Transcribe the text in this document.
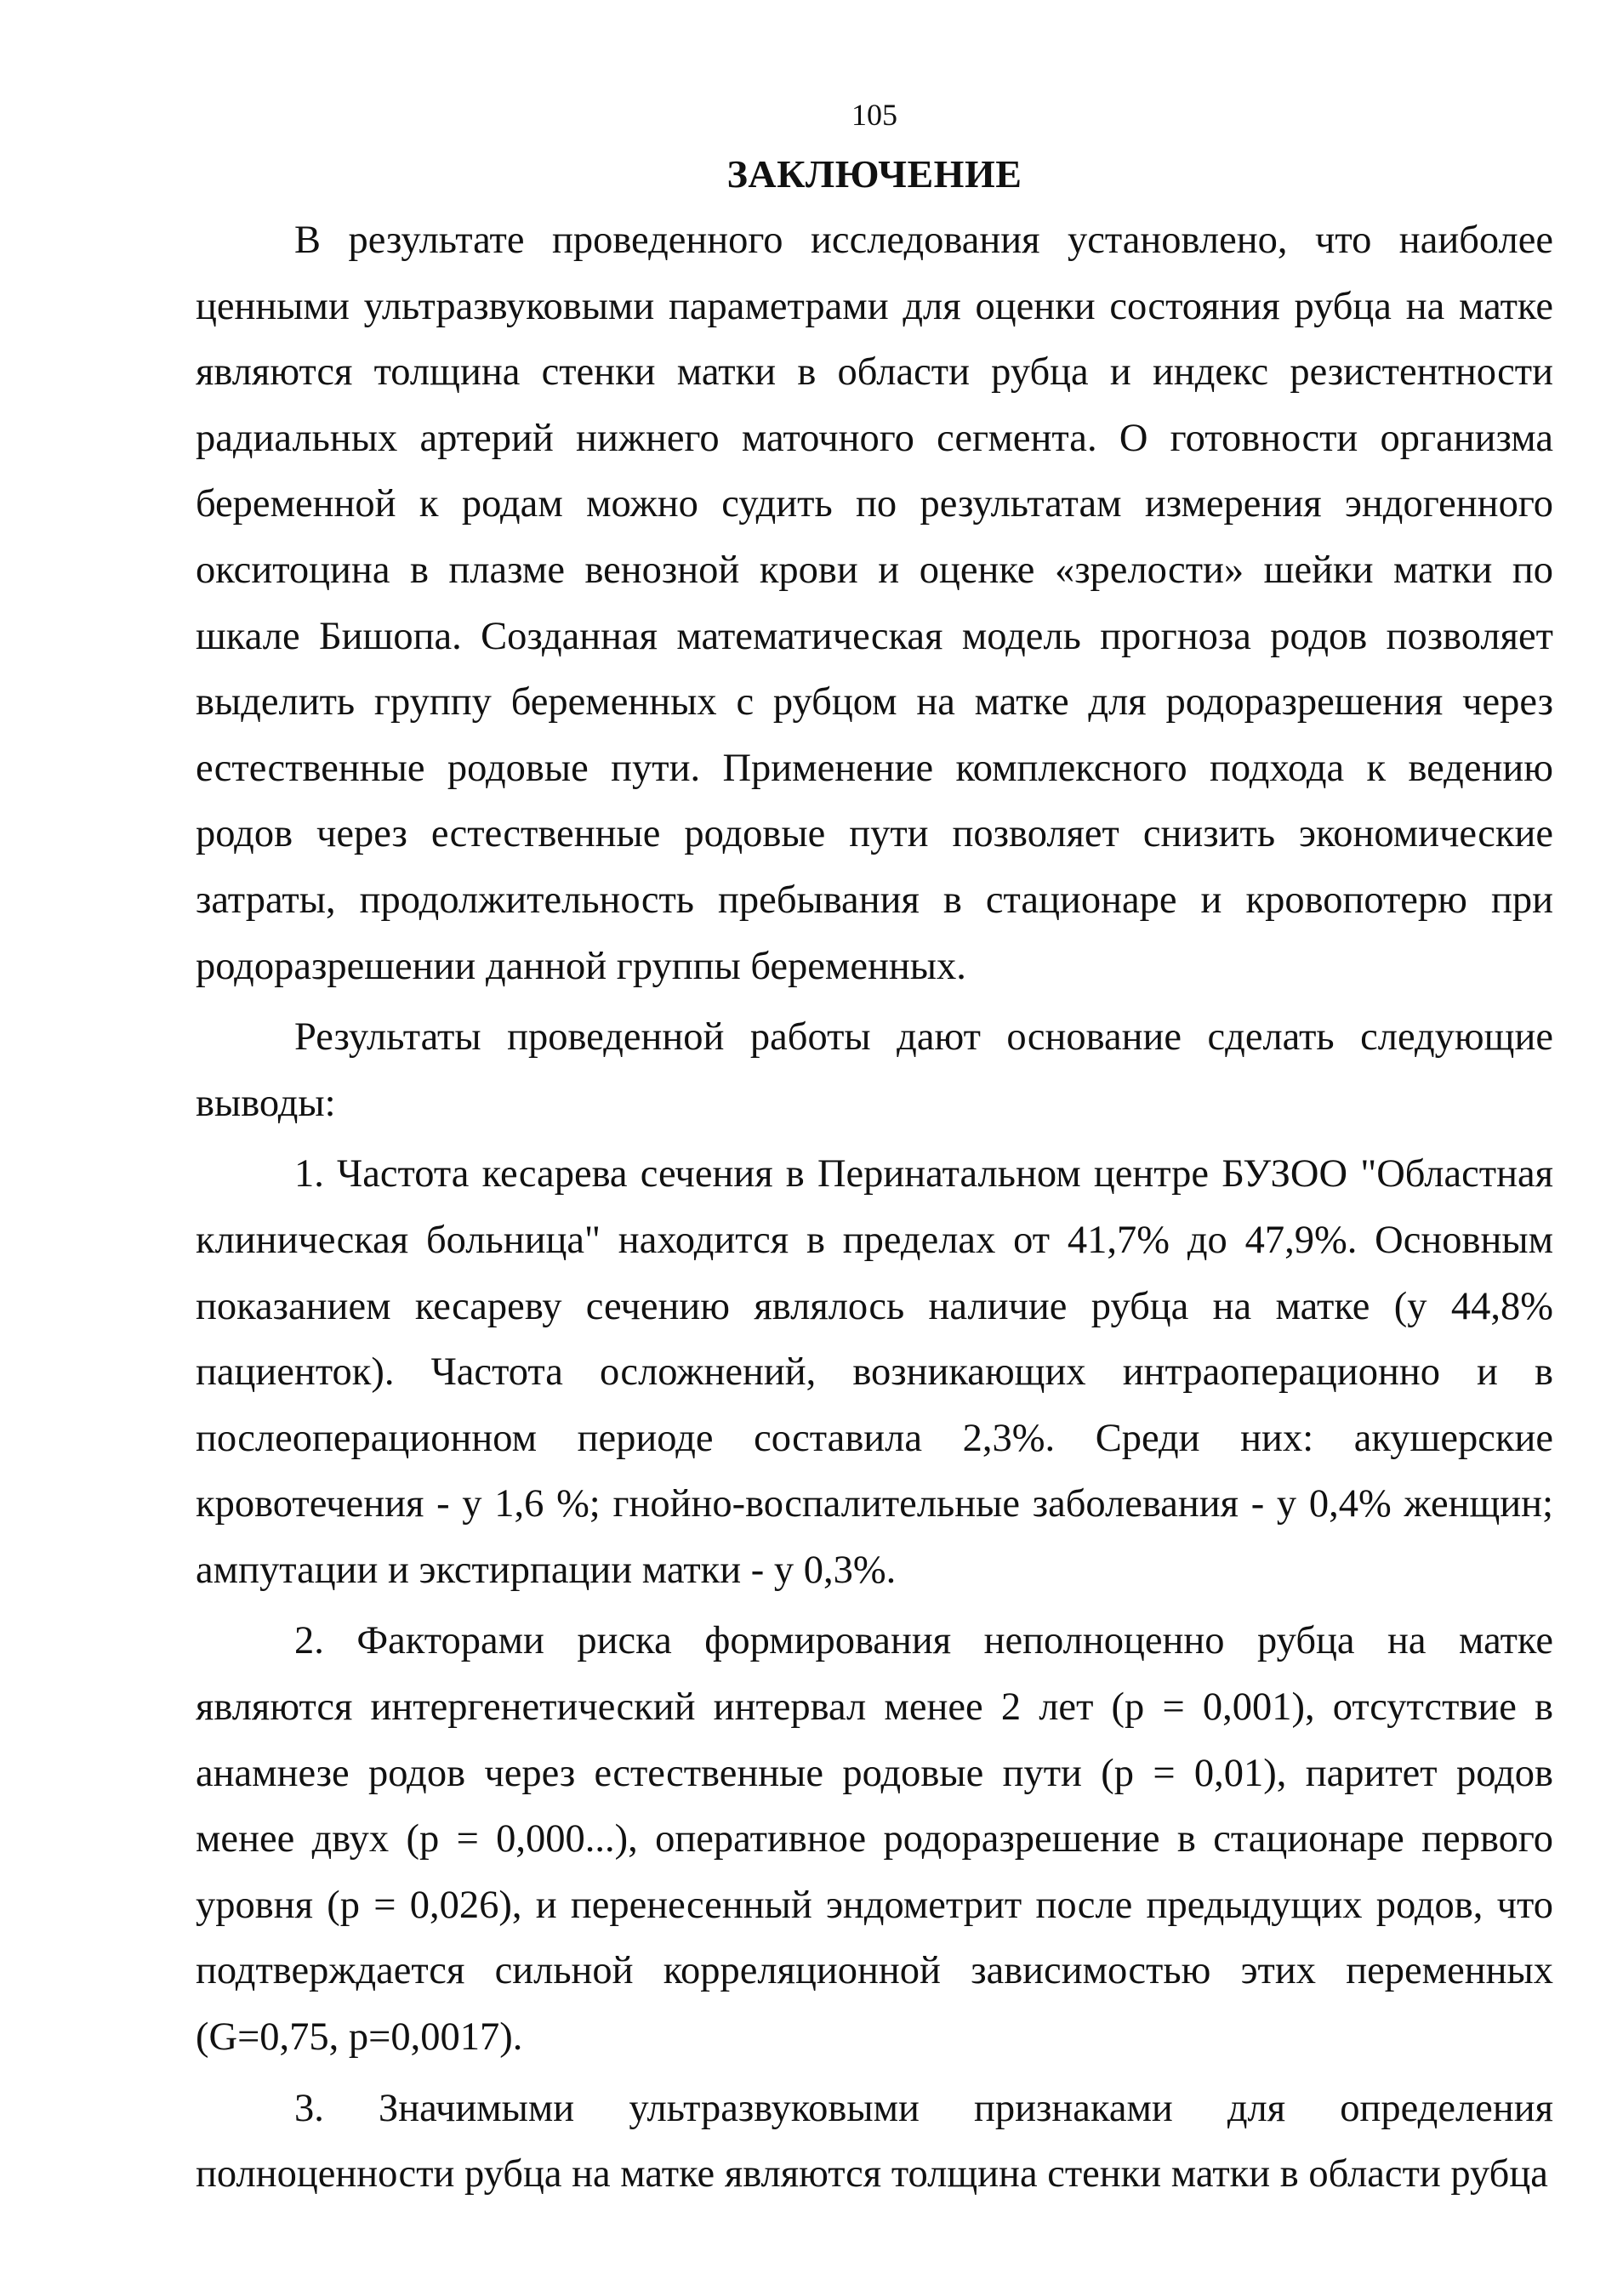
105
ЗАКЛЮЧЕНИЕ

В результате проведенного исследования установлено, что наиболее ценными ультразвуковыми параметрами для оценки состояния рубца на матке являются толщина стенки матки в области рубца и индекс резистентности радиальных артерий нижнего маточного сегмента. О готовности организма беременной к родам можно судить по результатам измерения эндогенного окситоцина в плазме венозной крови и оценке «зрелости» шейки матки по шкале Бишопа. Созданная математическая модель прогноза родов позволяет выделить группу беременных с рубцом на матке для родоразрешения через естественные родовые пути. Применение комплексного подхода к ведению родов через естественные родовые пути позволяет снизить экономические затраты, продолжительность пребывания в стационаре и кровопотерю при родоразрешении данной группы беременных.

Результаты проведенной работы дают основание сделать следующие выводы:

1. Частота кесарева сечения в Перинатальном центре БУЗОО "Областная клиническая больница" находится в пределах от 41,7% до 47,9%. Основным показанием кесареву сечению являлось наличие рубца на матке (у 44,8% пациенток). Частота осложнений, возникающих интраоперационно и в послеоперационном периоде составила 2,3%. Среди них: акушерские кровотечения - у 1,6 %; гнойно-воспалительные заболевания - у 0,4% женщин; ампутации и экстирпации матки - у 0,3%.

2. Факторами риска формирования неполноценно рубца на матке являются интергенетический интервал менее 2 лет (р = 0,001), отсутствие в анамнезе родов через естественные родовые пути (р = 0,01), паритет родов менее двух (р = 0,000...), оперативное родоразрешение в стационаре первого уровня (р = 0,026), и перенесенный эндометрит после предыдущих родов, что подтверждается сильной корреляционной зависимостью этих переменных (G=0,75, p=0,0017).

3. Значимыми ультразвуковыми признаками для определения
полноценности рубца на матке являются толщина стенки матки в области рубца
